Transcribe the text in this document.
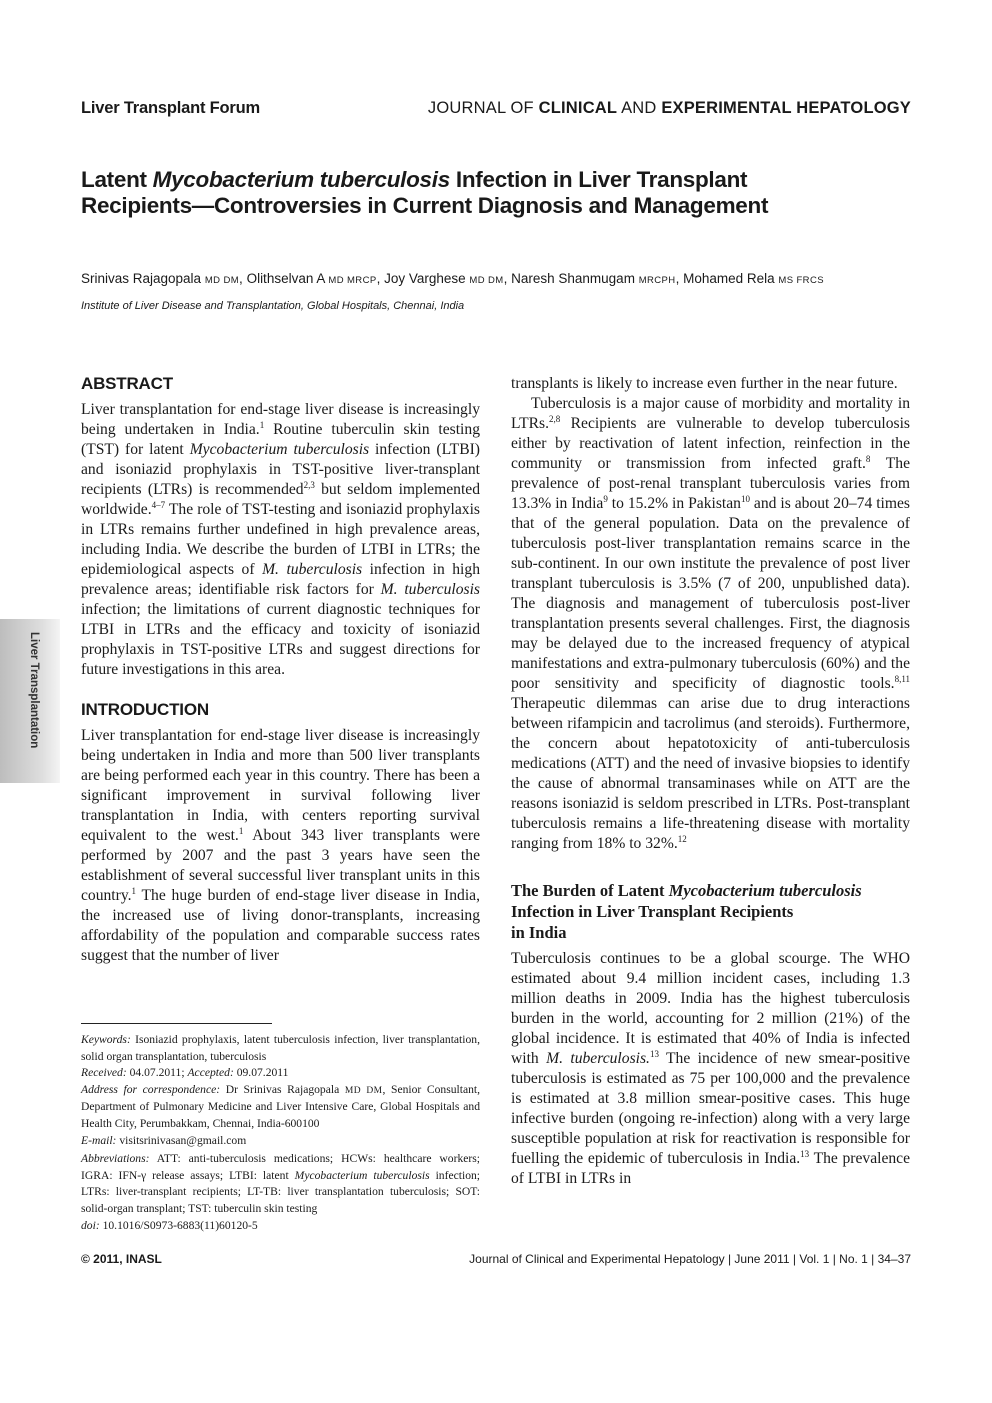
Liver Transplant Forum	JOURNAL OF CLINICAL AND EXPERIMENTAL HEPATOLOGY
Latent Mycobacterium tuberculosis Infection in Liver Transplant
Recipients—Controversies in Current Diagnosis and Management
Srinivas Rajagopala MD DM, Olithselvan A MD MRCP, Joy Varghese MD DM, Naresh Shanmugam MRCPH, Mohamed Rela MS FRCS
Institute of Liver Disease and Transplantation, Global Hospitals, Chennai, India
ABSTRACT

Liver transplantation for end-stage liver disease is increasingly being undertaken in India.$^1$ Routine tuberculin skin testing (TST) for latent Mycobacterium tuberculosis infection (LTBI) and isoniazid prophylaxis in TST-positive liver-transplant recipients (LTRs) is recommended$^{2,3}$ but seldom implemented worldwide.$^{4-7}$ The role of TST-testing and isoniazid prophylaxis in LTRs remains further undefined in high prevalence areas, including India. We describe the burden of LTBI in LTRs; the epidemiological aspects of M. tuberculosis infection in high prevalence areas; identifiable risk factors for M. tuberculosis infection; the limitations of current diagnostic techniques for LTBI in LTRs and the efficacy and toxicity of isoniazid prophylaxis in TST-positive LTRs and suggest directions for future investigations in this area.

INTRODUCTION

Liver transplantation for end-stage liver disease is increasingly being undertaken in India and more than 500 liver transplants are being performed each year in this country. There has been a significant improvement in survival following liver transplantation in India, with centers reporting survival equivalent to the west.$^1$ About 343 liver transplants were performed by 2007 and the past 3 years have seen the establishment of several successful liver transplant units in this country.$^1$ The huge burden of end-stage liver disease in India, the increased use of living donor-transplants, increasing affordability of the population and comparable success rates suggest that the number of liver

transplants is likely to increase even further in the near future.

Tuberculosis is a major cause of morbidity and mortality in LTRs.$^{2,8}$ Recipients are vulnerable to develop tuberculosis either by reactivation of latent infection, reinfection in the community or transmission from infected graft.$^8$ The prevalence of post-renal transplant tuberculosis varies from 13.3% in India$^9$ to 15.2% in Pakistan$^{10}$ and is about 20–74 times that of the general population. Data on the prevalence of tuberculosis post-liver transplantation remains scarce in the sub-continent. In our own institute the prevalence of post liver transplant tuberculosis is 3.5% (7 of 200, unpublished data). The diagnosis and management of tuberculosis post-liver transplantation presents several challenges. First, the diagnosis may be delayed due to the increased frequency of atypical manifestations and extra-pulmonary tuberculosis (60%) and the poor sensitivity and specificity of diagnostic tools.$^{8,11}$ Therapeutic dilemmas can arise due to drug interactions between rifampicin and tacrolimus (and steroids). Furthermore, the concern about hepatotoxicity of anti-tuberculosis medications (ATT) and the need of invasive biopsies to identify the cause of abnormal transaminases while on ATT are the reasons isoniazid is seldom prescribed in LTRs. Post-transplant tuberculosis remains a life-threatening disease with mortality ranging from 18% to 32%.$^{12}$

The Burden of Latent Mycobacterium tuberculosis
Infection in Liver Transplant Recipients
in India

Tuberculosis continues to be a global scourge. The WHO estimated about 9.4 million incident cases, including 1.3 million deaths in 2009. India has the highest tuberculosis burden in the world, accounting for 2 million (21%) of the global incidence. It is estimated that 40% of India is infected with M. tuberculosis.$^{13}$ The incidence of new smear-positive tuberculosis is estimated as 75 per 100,000 and the prevalence is estimated at 3.8 million smear-positive cases. This huge infective burden (ongoing re-infection) along with a very large susceptible population at risk for reactivation is responsible for fuelling the epidemic of tuberculosis in India.$^{13}$ The prevalence of LTBI in LTRs in

Keywords: Isoniazid prophylaxis, latent tuberculosis infection, liver transplantation, solid organ transplantation, tuberculosis

Received: 04.07.2011; Accepted: 09.07.2011

Address for correspondence: Dr Srinivas Rajagopala MD DM, Senior Consultant, Department of Pulmonary Medicine and Liver Intensive Care, Global Hospitals and Health City, Perumbakkam, Chennai, India-600100

E-mail: visitsrinivasan@gmail.com

Abbreviations: ATT: anti-tuberculosis medications; HCWs: healthcare workers; IGRA: IFN-γ release assays; LTBI: latent Mycobacterium tuberculosis infection; LTRs: liver-transplant recipients; LT-TB: liver transplantation tuberculosis; SOT: solid-organ transplant; TST: tuberculin skin testing

doi: 10.1016/S0973-6883(11)60120-5

Liver Transplantation
© 2011, INASL	Journal of Clinical and Experimental Hepatology | June 2011 | Vol. 1 | No. 1 | 34–37
